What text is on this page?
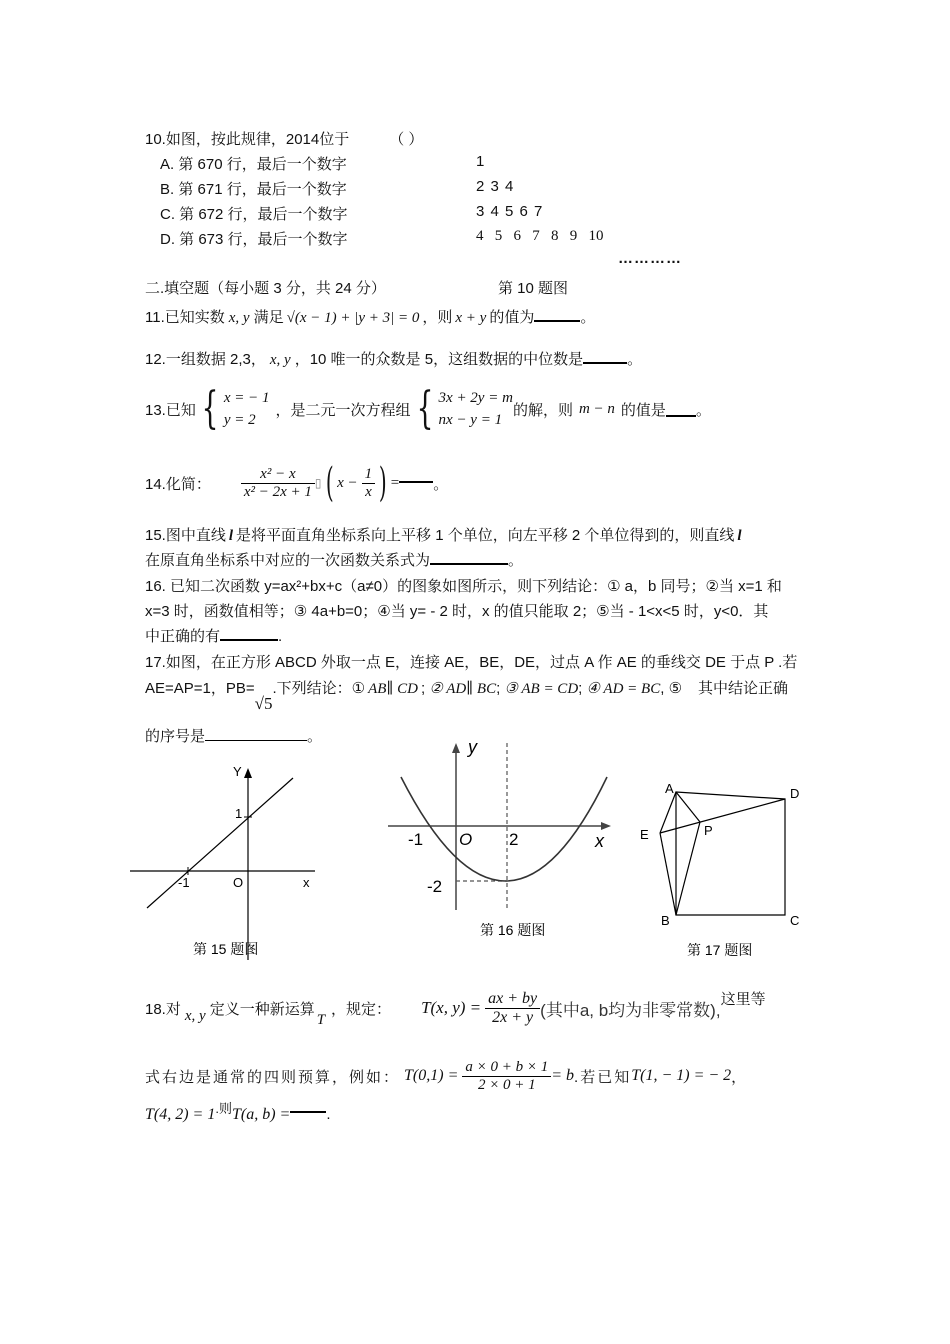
10.如图，按此规律，2014位于	（ ）
A. 第 670 行，最后一个数字
B. 第 671 行，最后一个数字
C. 第 672 行，最后一个数字
D. 第 673 行，最后一个数字
1
2 3 4
3 4 5 6 7
4   5   6   7   8   9   10
…………
二.填空题（每小题 3 分，共 24 分）	第 10 题图
11.已知实数 x, y 满足 √(x − 1) + |y + 3| = 0 ，则 x + y 的值为	。
12.一组数据 2,3， x, y ，10 唯一的众数是 5，这组数据的中位数是	。
13.已知 { x = − 1
y = 2
，是二元一次方程组 { 3x + 2y = m
nx − y = 1
的解，则 m − n 的值是 。
14.化简： $\frac{\text{x² − x}}{\text{x² − 2x + 1}}$ ▯ ( $x - \frac{1}{x}$ ) = 。
15.图中直线 l 是将平面直角坐标系向上平移 1 个单位，向左平移 2 个单位得到的，则直线 l
在原直角坐标系中对应的一次函数关系式为	。
16. 已知二次函数 y=ax²+bx+c（a≠0）的图象如图所示，则下列结论：① a，b 同号；②当 x=1 和
x=3 时，函数值相等；③ 4a+b=0；④当 y= - 2 时，x 的值只能取 2；⑤当 - 1<x<5 时，y<0．其
中正确的有	.
17.如图，在正方形 ABCD 外取一点 E，连接 AE，BE，DE，过点 A 作 AE 的垂线交 DE 于点 P .若
AE=AP=1，PB=√5.下列结论：① AB∥ CD ; ② AD∥ BC; ③ AB = CD; ④ AD = BC, ⑤ 其中结论正确
的序号是	。
Y
1
-1	O	x
第 15 题图
y
x
O
-1	2
-2
第 16 题图
A	D
E	P
B	C
第 17 题图
18.对 x, y 定义一种新运算
T
，规定： T(x, $y) = \frac{ax + by}{2x + y}$ (其中a, b均为非零常数),
这里等
式右边是通常的四则预算，例如： $T(0,1) = \frac{a \times 0 + b \times 1}{2 \times 0 + 1} = b$ .若已知 T(1, − 1) = − 2 ，
T(4, 2) = 1.则T(a, b) = .
